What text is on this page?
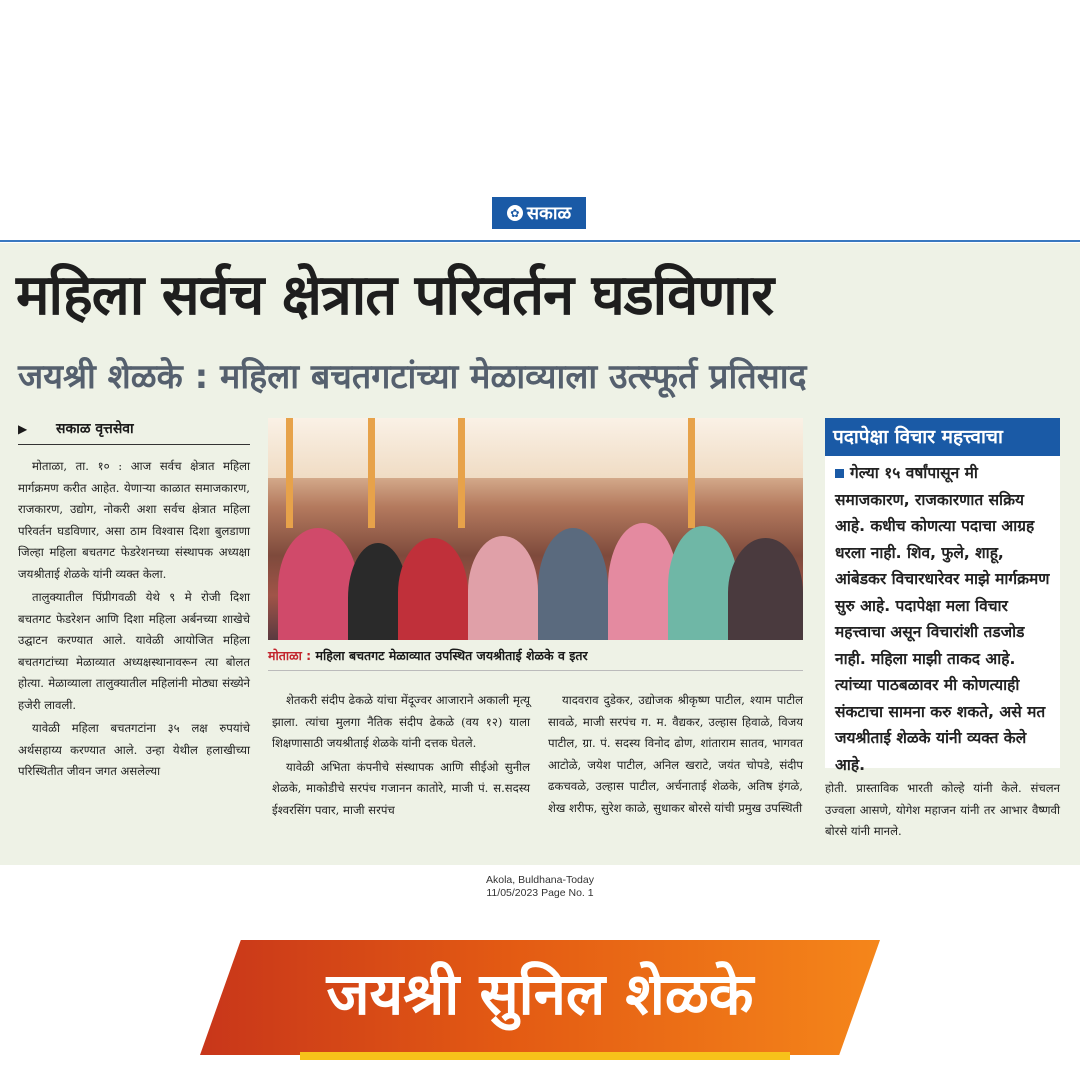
✿ सकाळ
महिला सर्वच क्षेत्रात परिवर्तन घडविणार
जयश्री शेळके : महिला बचतगटांच्या मेळाव्याला उत्स्फूर्त प्रतिसाद
▶ सकाळ वृत्तसेवा

मोताळा, ता. १० : आज सर्वच क्षेत्रात महिला मार्गक्रमण करीत आहेत. येणाऱ्या काळात समाजकारण, राजकारण, उद्योग, नोकरी अशा सर्वच क्षेत्रात महिला परिवर्तन घडविणार, असा ठाम विश्वास दिशा बुलडाणा जिल्हा महिला बचतगट फेडरेशनच्या संस्थापक अध्यक्षा जयश्रीताई शेळके यांनी व्यक्त केला.

तालुक्यातील पिंप्रीगवळी येथे ९ मे रोजी दिशा बचतगट फेडरेशन आणि दिशा महिला अर्बनच्या शाखेचे उद्घाटन करण्यात आले. यावेळी आयोजित महिला बचतगटांच्या मेळाव्यात अध्यक्षस्थानावरून त्या बोलत होत्या. मेळाव्याला तालुक्यातील महिलांनी मोठ्या संख्येने हजेरी लावली.

यावेळी महिला बचतगटांना ३५ लक्ष रुपयांचे अर्थसहाय्य करण्यात आले. उन्हा येथील हलाखीच्या परिस्थितीत जीवन जगत असलेल्या

मोताळा : महिला बचतगट मेळाव्यात उपस्थित जयश्रीताई शेळके व इतर

शेतकरी संदीप ढेकळे यांचा मेंदूज्वर आजाराने अकाली मृत्यू झाला. त्यांचा मुलगा नैतिक संदीप ढेकळे (वय १२) याला शिक्षणासाठी जयश्रीताई शेळके यांनी दत्तक घेतले.

यावेळी अभिता कंपनीचे संस्थापक आणि सीईओ सुनील शेळके, माकोडीचे सरपंच गजानन कातोरे, माजी पं. स.सदस्य ईश्वरसिंग पवार, माजी सरपंच

यादवराव दुडेकर, उद्योजक श्रीकृष्ण पाटील, श्याम पाटील सावळे, माजी सरपंच ग. म. वैद्यकर, उल्हास हिवाळे, विजय पाटील, ग्रा. पं. सदस्य विनोद ढोण, शांताराम सातव, भागवत आटोळे, जयेश पाटील, अनिल खराटे, जयंत चोपडे, संदीप ढकचवळे, उल्हास पाटील, अर्चनाताई शेळके, अतिष इंगळे, शेख शरीफ, सुरेश काळे, सुधाकर बोरसे यांची प्रमुख उपस्थिती

पदापेक्षा विचार महत्त्वाचा
गेल्या १५ वर्षांपासून मी समाजकारण, राजकारणात सक्रिय आहे. कधीच कोणत्या पदाचा आग्रह धरला नाही. शिव, फुले, शाहू, आंबेडकर विचारधारेवर माझे मार्गक्रमण सुरु आहे. पदापेक्षा मला विचार महत्त्वाचा असून विचारांशी तडजोड नाही. महिला माझी ताकद आहे. त्यांच्या पाठबळावर मी कोणत्याही संकटाचा सामना करु शकते, असे मत जयश्रीताई शेळके यांनी व्यक्त केले आहे.

होती. प्रास्ताविक भारती कोल्हे यांनी केले. संचलन उज्वला आसणे, योगेश महाजन यांनी तर आभार वैष्णवी बोरसे यांनी मानले.

Akola, Buldhana-Today
11/05/2023 Page No. 1
जयश्री सुनिल शेळके
